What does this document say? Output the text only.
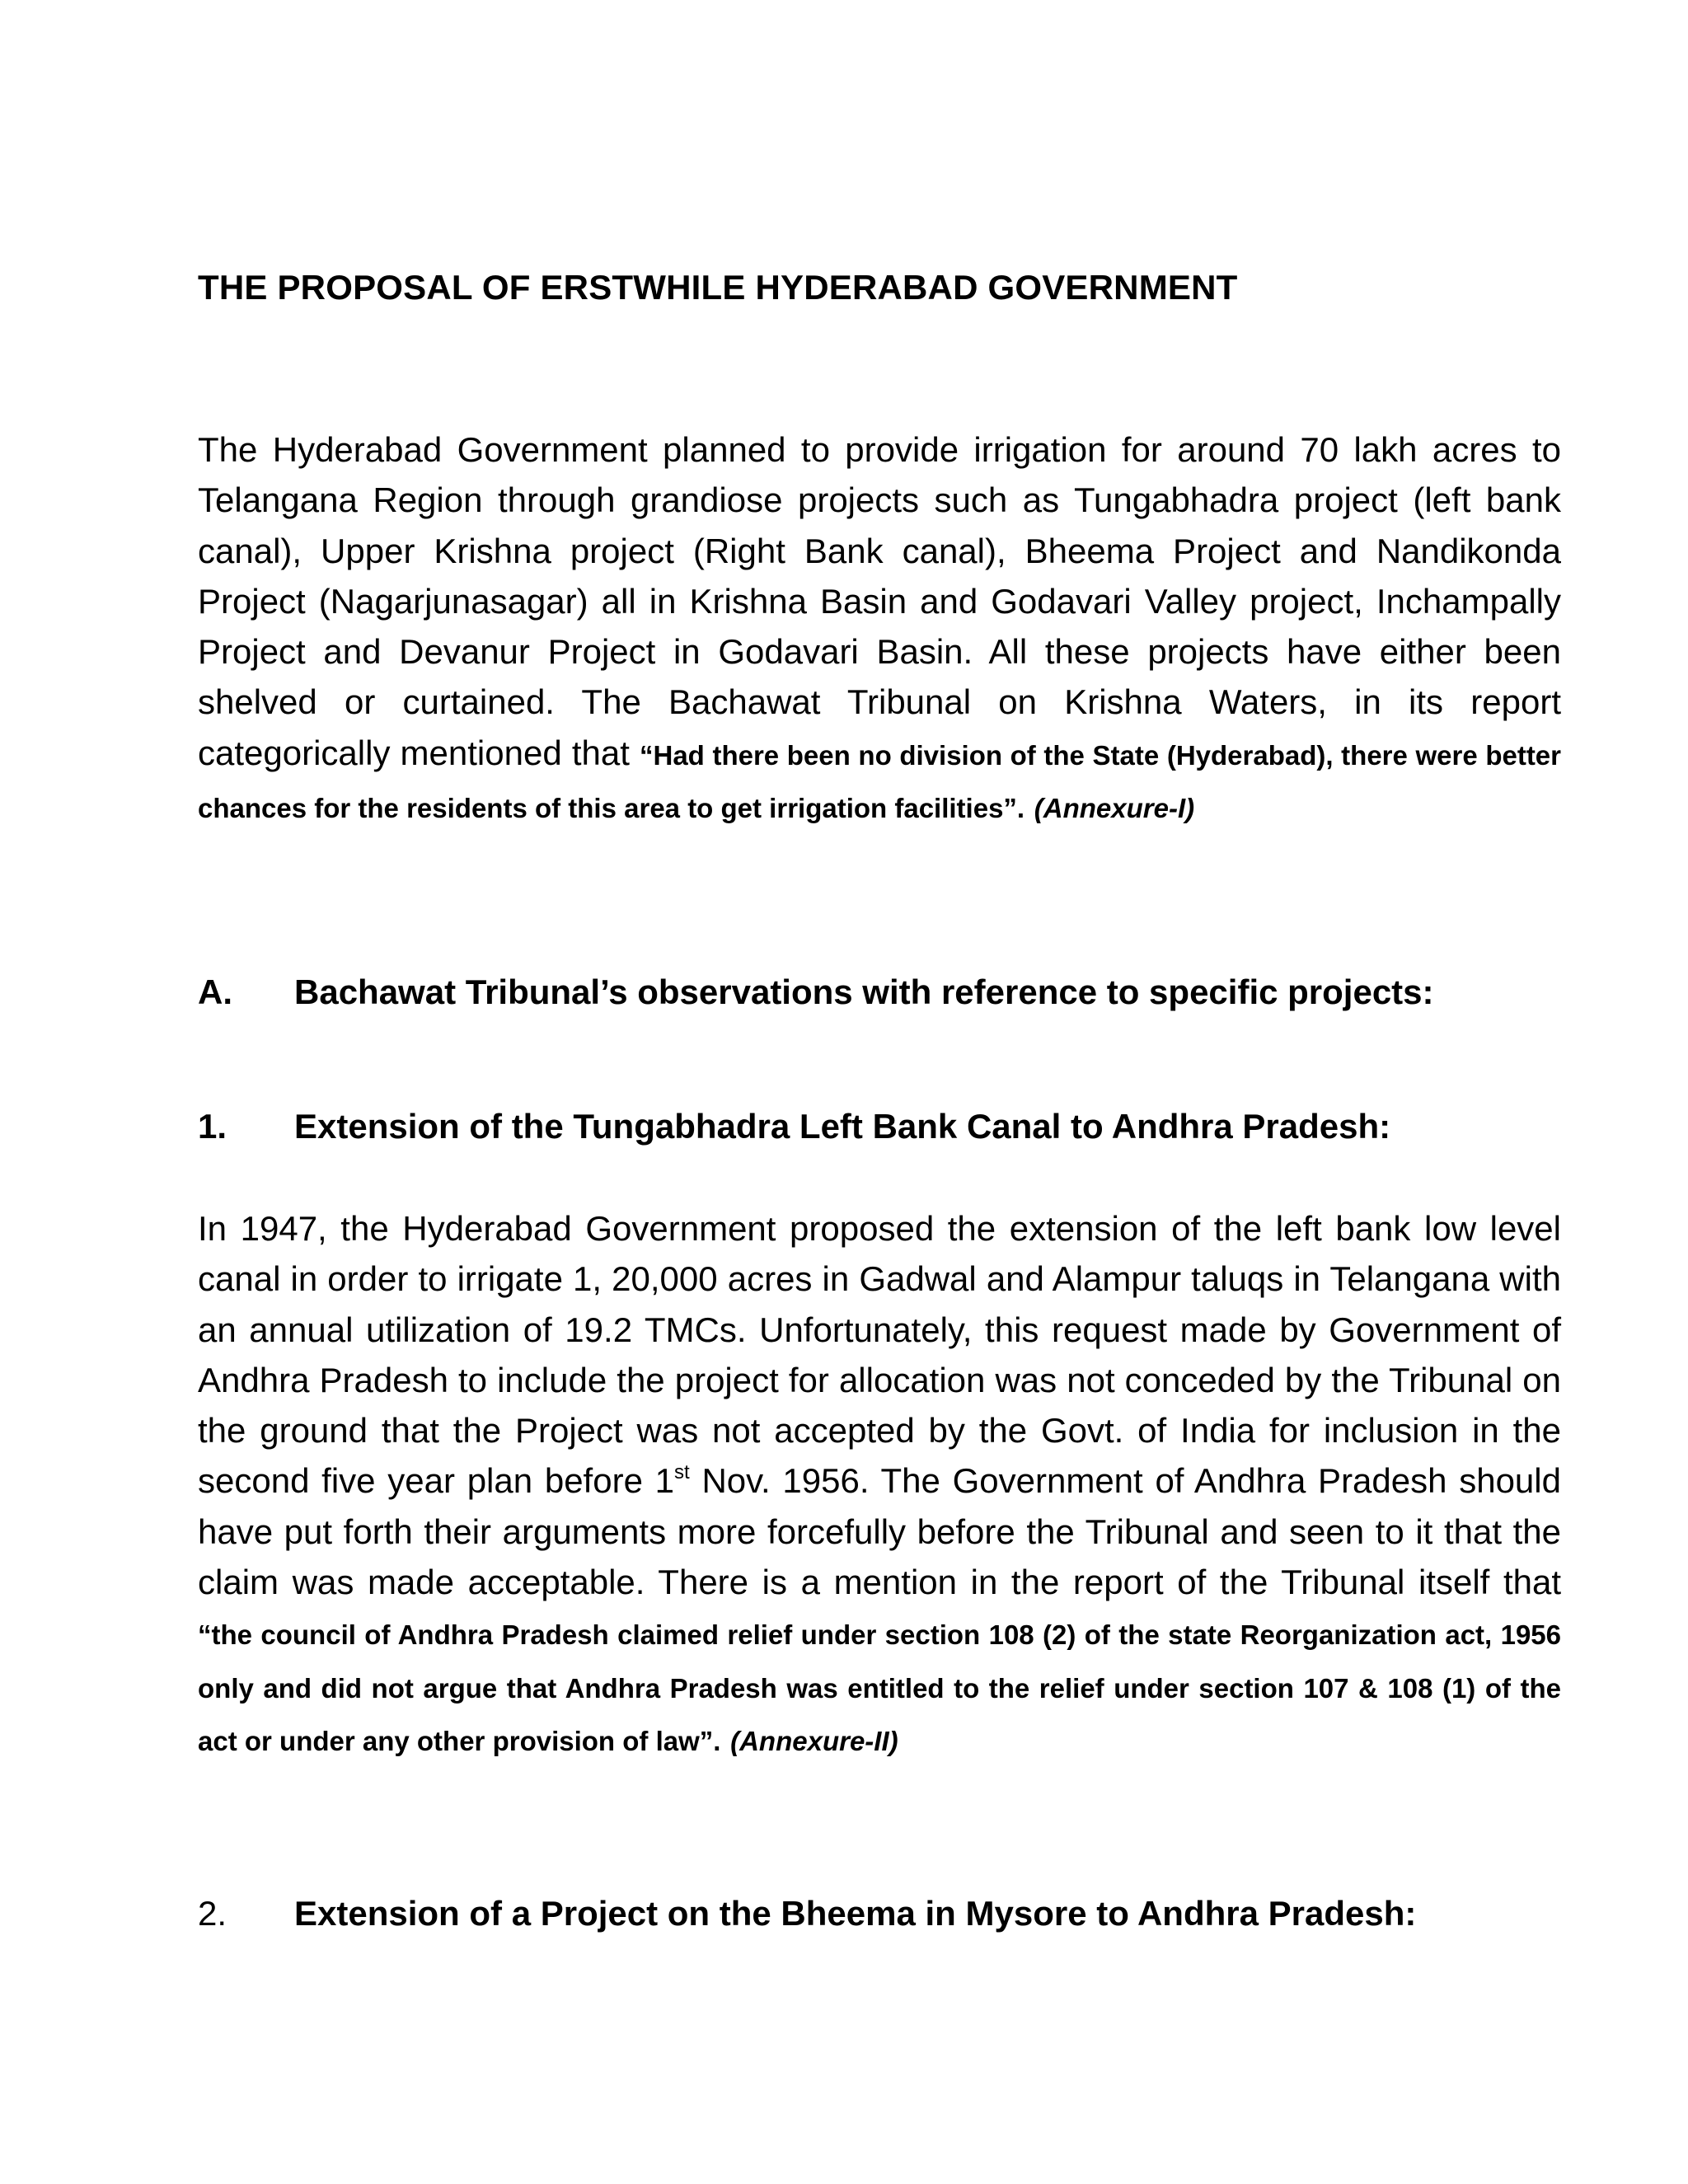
THE PROPOSAL OF ERSTWHILE HYDERABAD GOVERNMENT

The Hyderabad Government planned to provide irrigation for around 70 lakh acres to Telangana Region through grandiose projects such as Tungabhadra project (left bank canal), Upper Krishna project (Right Bank canal), Bheema Project and Nandikonda Project (Nagarjunasagar) all in Krishna Basin and Godavari Valley project, Inchampally Project and Devanur Project in Godavari Basin. All these projects have either been shelved or curtained. The Bachawat Tribunal on Krishna Waters, in its report categorically mentioned that “Had there been no division of the State (Hyderabad), there were better chances for the residents of this area to get irrigation facilities”. (Annexure-I)

A. Bachawat Tribunal’s observations with reference to specific projects:
1. Extension of the Tungabhadra Left Bank Canal to Andhra Pradesh:

In 1947, the Hyderabad Government proposed the extension of the left bank low level canal in order to irrigate 1, 20,000 acres in Gadwal and Alampur taluqs in Telangana with an annual utilization of 19.2 TMCs. Unfortunately, this request made by Government of Andhra Pradesh to include the project for allocation was not conceded by the Tribunal on the ground that the Project was not accepted by the Govt. of India for inclusion in the second five year plan before 1st Nov. 1956. The Government of Andhra Pradesh should have put forth their arguments more forcefully before the Tribunal and seen to it that the claim was made acceptable. There is a mention in the report of the Tribunal itself that “the council of Andhra Pradesh claimed relief under section 108 (2) of the state Reorganization act, 1956 only and did not argue that Andhra Pradesh was entitled to the relief under section 107 & 108 (1) of the act or under any other provision of law”. (Annexure-II)

2. Extension of a Project on the Bheema in Mysore to Andhra Pradesh:
